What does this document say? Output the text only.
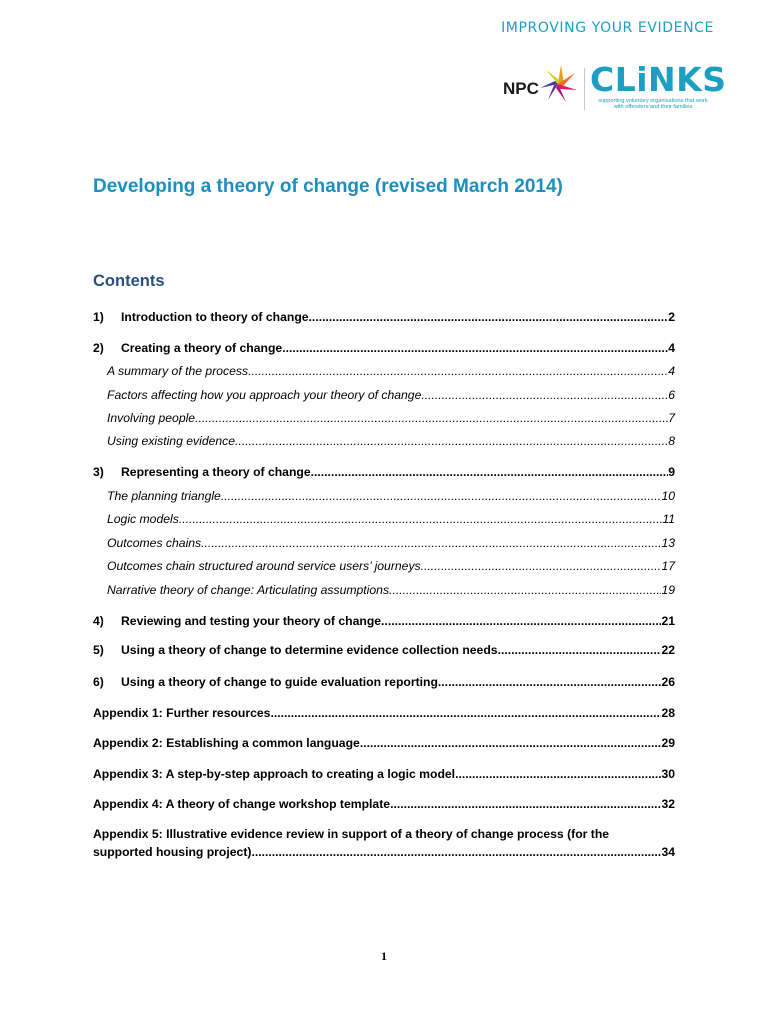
IMPROVING YOUR EVIDENCE
NPC CLiNKS
supporting voluntary organisations that work with offenders and their families
Developing a theory of change (revised March 2014)
Contents
1)	Introduction to theory of change .....	2
2)	Creating a theory of change .....	4
A summary of the process .....	4
Factors affecting how you approach your theory of change .....	6
Involving people .....	7
Using existing evidence .....	8
3)	Representing a theory of change .....	9
The planning triangle .....	10
Logic models .....	11
Outcomes chains .....	13
Outcomes chain structured around service users’ journeys .....	17
Narrative theory of change: Articulating assumptions .....	19
4)	Reviewing and testing your theory of change .....	21
5)	Using a theory of change to determine evidence collection needs .....	22
6)	Using a theory of change to guide evaluation reporting .....	26
Appendix 1: Further resources .....	28
Appendix 2: Establishing a common language .....	29
Appendix 3: A step-by-step approach to creating a logic model .....	30
Appendix 4: A theory of change workshop template .....	32
Appendix 5: Illustrative evidence review in support of a theory of change process (for the
supported housing project) .....	34
1
